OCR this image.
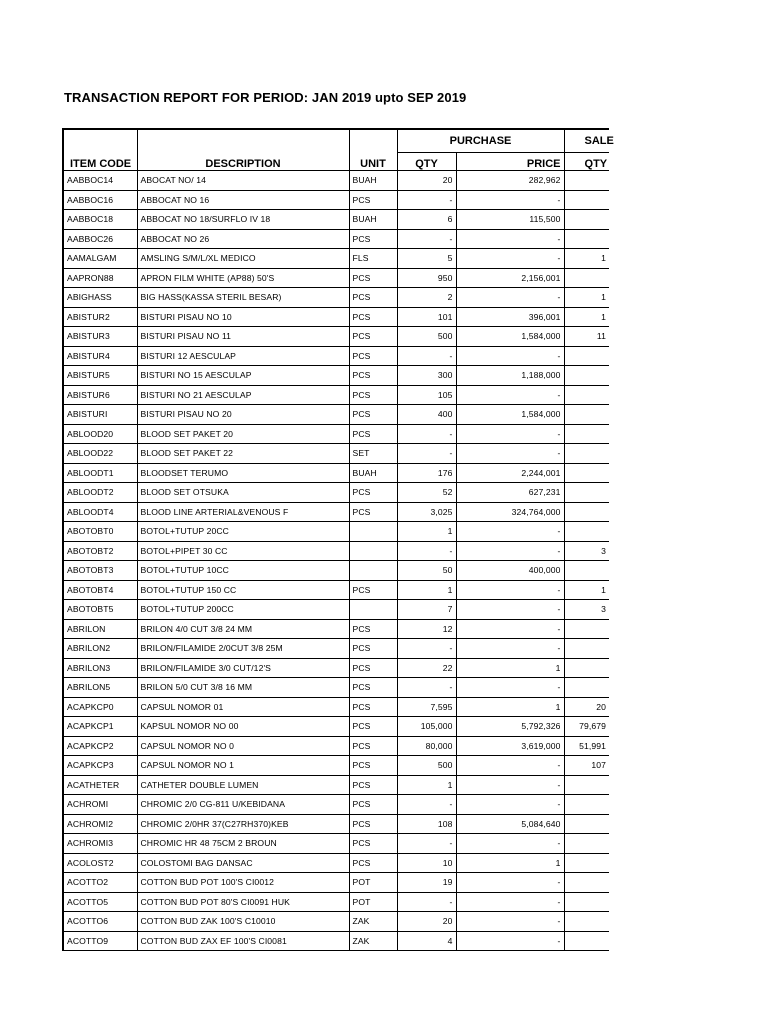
TRANSACTION REPORT FOR PERIOD: JAN 2019 upto SEP 2019
ITEM CODE	DESCRIPTION	UNIT	PURCHASE		SALE
			QTY	PRICE	QTY
AABBOC14	ABOCAT NO/ 14	BUAH	20	282,962	
AABBOC16	ABBOCAT NO 16	PCS	-	-	
AABBOC18	ABBOCAT NO 18/SURFLO IV 18	BUAH	6	115,500	
AABBOC26	ABBOCAT NO 26	PCS	-	-	
AAMALGAM	AMSLING S/M/L/XL MEDICO	FLS	5	-	1
AAPRON88	APRON FILM WHITE (AP88) 50'S	PCS	950	2,156,001	
ABIGHASS	BIG HASS(KASSA STERIL BESAR)	PCS	2	-	1
ABISTUR2	BISTURI PISAU NO 10	PCS	101	396,001	1
ABISTUR3	BISTURI PISAU NO 11	PCS	500	1,584,000	11
ABISTUR4	BISTURI 12 AESCULAP	PCS	-	-	
ABISTUR5	BISTURI NO 15 AESCULAP	PCS	300	1,188,000	
ABISTUR6	BISTURI NO 21 AESCULAP	PCS	105	-	
ABISTURI	BISTURI PISAU NO 20	PCS	400	1,584,000	
ABLOOD20	BLOOD SET PAKET 20	PCS	-	-	
ABLOOD22	BLOOD SET PAKET 22	SET	-	-	
ABLOODT1	BLOODSET TERUMO	BUAH	176	2,244,001	
ABLOODT2	BLOOD SET OTSUKA	PCS	52	627,231	
ABLOODT4	BLOOD LINE ARTERIAL&VENOUS F	PCS	3,025	324,764,000	
ABOTOBT0	BOTOL+TUTUP 20CC		1	-	
ABOTOBT2	BOTOL+PIPET 30 CC		-	-	3
ABOTOBT3	BOTOL+TUTUP 10CC		50	400,000	
ABOTOBT4	BOTOL+TUTUP 150 CC	PCS	1	-	1
ABOTOBT5	BOTOL+TUTUP 200CC		7	-	3
ABRILON	BRILON 4/0 CUT 3/8 24 MM	PCS	12	-	
ABRILON2	BRILON/FILAMIDE 2/0CUT 3/8 25M	PCS	-	-	
ABRILON3	BRILON/FILAMIDE 3/0 CUT/12'S	PCS	22	1	
ABRILON5	BRILON 5/0 CUT 3/8 16 MM	PCS	-	-	
ACAPKCP0	CAPSUL NOMOR 01	PCS	7,595	1	20
ACAPKCP1	KAPSUL NOMOR NO 00	PCS	105,000	5,792,326	79,679
ACAPKCP2	CAPSUL NOMOR NO 0	PCS	80,000	3,619,000	51,991
ACAPKCP3	CAPSUL NOMOR NO 1	PCS	500	-	107
ACATHETER	CATHETER DOUBLE LUMEN	PCS	1	-	
ACHROMI	CHROMIC 2/0 CG-811 U/KEBIDANA	PCS	-	-	
ACHROMI2	CHROMIC 2/0HR 37(C27RH370)KEB	PCS	108	5,084,640	
ACHROMI3	CHROMIC HR 48 75CM 2 BROUN	PCS	-	-	
ACOLOST2	COLOSTOMI BAG DANSAC	PCS	10	1	
ACOTTO2	COTTON BUD POT 100'S CI0012	POT	19	-	
ACOTTO5	COTTON BUD POT 80'S CI0091 HUK	POT	-	-	
ACOTTO6	COTTON BUD ZAK 100'S C10010	ZAK	20	-	
ACOTTO9	COTTON BUD ZAX EF 100'S CI0081	ZAK	4	-	
